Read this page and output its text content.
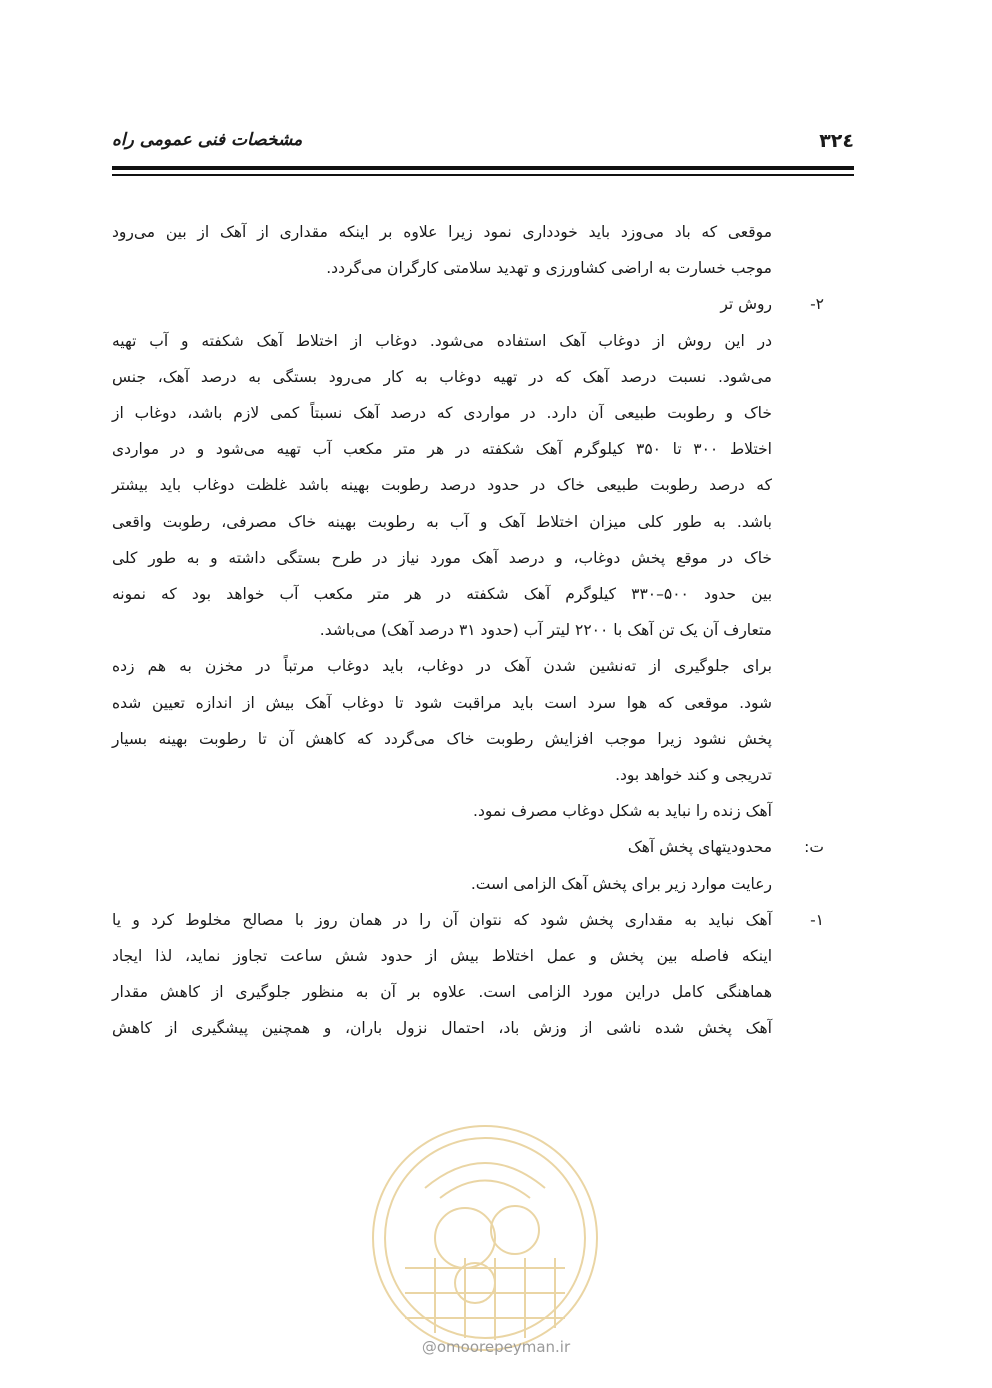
۳۲٤
مشخصات فنی عمومی راه
موقعی که باد می‌وزد باید خودداری نمود زیرا علاوه بر اینکه مقداری از آهک از بین می‌رود
موجب خسارت به اراضی کشاورزی و تهدید سلامتی کارگران می‌گردد.
۲-
روش تر
در این روش از دوغاب آهک استفاده می‌شود. دوغاب از اختلاط آهک شکفته و آب تهیه
می‌شود. نسبت درصد آهک که در تهیه دوغاب به کار می‌رود بستگی به درصد آهک، جنس
خاک و رطوبت طبیعی آن دارد. در مواردی که درصد آهک نسبتاً کمی لازم باشد، دوغاب از
اختلاط ۳۰۰ تا ۳۵۰ کیلوگرم آهک شکفته در هر متر مکعب آب تهیه می‌شود و در مواردی
که درصد رطوبت طبیعی خاک در حدود درصد رطوبت بهینه باشد غلظت دوغاب باید بیشتر
باشد. به طور کلی میزان اختلاط آهک و آب به رطوبت بهینه خاک مصرفی، رطوبت واقعی
خاک در موقع پخش دوغاب، و درصد آهک مورد نیاز در طرح بستگی داشته و به طور کلی
بین حدود ۵۰۰–۳۳۰ کیلوگرم آهک شکفته در هر متر مکعب آب خواهد بود که نمونه
متعارف آن یک تن آهک با ۲۲۰۰ لیتر آب (حدود ۳۱ درصد آهک) می‌باشد.
برای جلوگیری از ته‌نشین شدن آهک در دوغاب، باید دوغاب مرتباً در مخزن به هم زده
شود. موقعی که هوا سرد است باید مراقبت شود تا دوغاب آهک بیش از اندازه تعیین شده
پخش نشود زیرا موجب افزایش رطوبت خاک می‌گردد که کاهش آن تا رطوبت بهینه بسیار
تدریجی و کند خواهد بود.
آهک زنده را نباید به شکل دوغاب مصرف نمود.
ت:
محدودیتهای پخش آهک
رعایت موارد زیر برای پخش آهک الزامی است.
۱-
آهک نباید به مقداری پخش شود که نتوان آن را در همان روز با مصالح مخلوط کرد و یا
اینکه فاصله بین پخش و عمل اختلاط بیش از حدود شش ساعت تجاوز نماید، لذا ایجاد
هماهنگی کامل دراین مورد الزامی است. علاوه بر آن به منظور جلوگیری از کاهش مقدار
آهک پخش شده ناشی از وزش باد، احتمال نزول باران، و همچنین پیشگیری از کاهش
@omoorepeyman.ir
